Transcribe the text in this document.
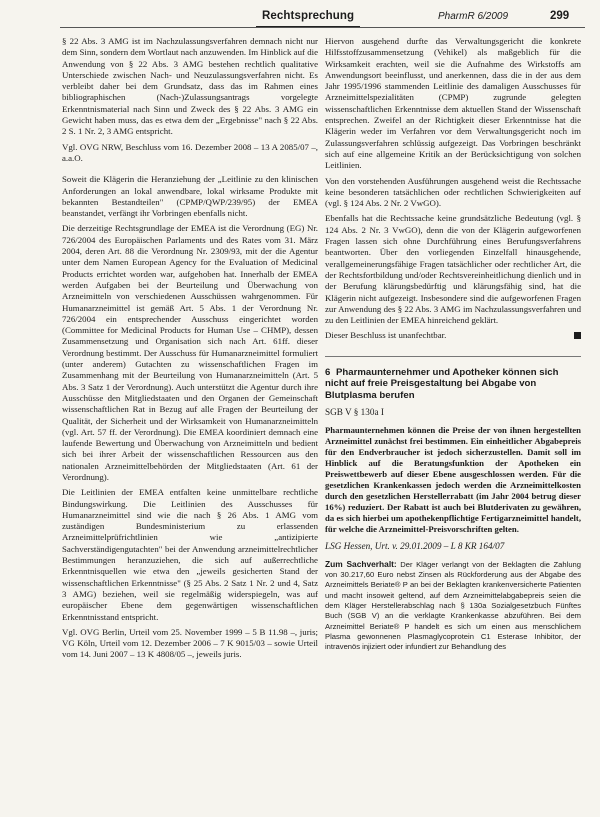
Rechtsprechung	PharmR 6/2009	299

§ 22 Abs. 3 AMG ist im Nachzulassungsverfahren demnach nicht nur dem Sinn, sondern dem Wortlaut nach anzuwenden. Im Hinblick auf die Anwendung von § 22 Abs. 3 AMG bestehen rechtlich qualitative Unterschiede zwischen Nach- und Neuzulassungsverfahren nicht. Es verbleibt daher bei dem Grundsatz, dass das im Rahmen eines bibliographischen (Nach-)Zulassungsantrags vorgelegte Erkenntnismaterial nach Sinn und Zweck des § 22 Abs. 3 AMG ein Gewicht haben muss, das es etwa dem der „Ergebnisse" nach § 22 Abs. 2 S. 1 Nr. 2, 3 AMG entspricht.

Vgl. OVG NRW, Beschluss vom 16. Dezember 2008 – 13 A 2085/07 –, a.a.O.

Soweit die Klägerin die Heranziehung der „Leitlinie zu den klinischen Anforderungen an lokal anwendbare, lokal wirksame Produkte mit bekannten Bestandteilen" (CPMP/QWP/239/95) der EMEA beanstandet, verfängt ihr Vorbringen ebenfalls nicht.

Die derzeitige Rechtsgrundlage der EMEA ist die Verordnung (EG) Nr. 726/2004 des Europäischen Parlaments und des Rates vom 31. März 2004, deren Art. 88 die Verordnung Nr. 2309/93, mit der die Agentur unter dem Namen European Agency for the Evaluation of Medicinal Products errichtet worden war, aufgehoben hat. Innerhalb der EMEA werden Aufgaben bei der Beurteilung und Überwachung von Arzneimitteln von verschiedenen Ausschüssen wahrgenommen. Für Humanarzneimittel ist gemäß Art. 5 Abs. 1 der Verordnung Nr. 726/2004 ein entsprechender Ausschuss eingerichtet worden (Committee for Medicinal Products for Human Use – CHMP), dessen Zusammensetzung und Organisation sich nach Art. 61ff. dieser Verordnung bestimmt. Der Ausschuss für Humanarzneimittel formuliert (unter anderem) Gutachten zu wissenschaftlichen Fragen im Zusammenhang mit der Beurteilung von Humanarzneimitteln (Art. 5 Abs. 3 Satz 1 der Verordnung). Auch unterstützt die Agentur durch ihre Ausschüsse den Mitgliedstaaten und den Organen der Gemeinschaft wissenschaftlichen Rat in Bezug auf alle Fragen der Beurteilung der Qualität, der Sicherheit und der Wirksamkeit von Humanarzneimitteln (vgl. Art. 57 ff. der Verordnung). Die EMEA koordiniert demnach eine laufende Bewertung und Überwachung von Arzneimitteln und bedient sich bei ihrer Arbeit der wissenschaftlichen Ressourcen aus den nationalen Arzneimittelbehörden der Mitgliedstaaten (Art. 61 der Verordnung).

Die Leitlinien der EMEA entfalten keine unmittelbare rechtliche Bindungswirkung. Die Leitlinien des Ausschusses für Humanarzneimittel sind wie die nach § 26 Abs. 1 AMG vom zuständigen Bundesministerium zu erlassenden Arzneimittelprüfrichtlinien wie „antizipierte Sachverständigengutachten" bei der Anwendung arzneimittelrechtlicher Bestimmungen heranzuziehen, die sich auf außerrechtliche Erkenntnisquellen wie etwa den „jeweils gesicherten Stand der wissenschaftlichen Erkenntnisse" (§ 25 Abs. 2 Satz 1 Nr. 2 und 4, Satz 3 AMG) beziehen, weil sie regelmäßig widerspiegeln, was auf europäischer Ebene dem gegenwärtigen wissenschaftlichen Erkenntnisstand entspricht.

Vgl. OVG Berlin, Urteil vom 25. November 1999 – 5 B 11.98 –, juris; VG Köln, Urteil vom 12. Dezember 2006 – 7 K 9015/03 – sowie Urteil vom 14. Juni 2007 – 13 K 4808/05 –, jeweils juris.

Hiervon ausgehend durfte das Verwaltungsgericht die konkrete Hilfsstoffzusammensetzung (Vehikel) als maßgeblich für die Wirksamkeit erachten, weil sie die Aufnahme des Wirkstoffs am Anwendungsort beeinflusst, und anerkennen, dass die in der aus dem Jahr 1995/1996 stammenden Leitlinie des damaligen Ausschusses für Arzneimittelspezialitäten (CPMP) zugrunde gelegten wissenschaftlichen Erkenntnisse dem aktuellen Stand der Wissenschaft entsprechen. Zweifel an der Richtigkeit dieser Erkenntnisse hat die Klägerin weder im Verfahren vor dem Verwaltungsgericht noch im Zulassungsverfahren schlüssig aufgezeigt. Das Vorbringen beschränkt sich auf eine allgemeine Kritik an der Berücksichtigung von solchen Leitlinien.

Von den vorstehenden Ausführungen ausgehend weist die Rechtssache keine besonderen tatsächlichen oder rechtlichen Schwierigkeiten auf (vgl. § 124 Abs. 2 Nr. 2 VwGO).

Ebenfalls hat die Rechtssache keine grundsätzliche Bedeutung (vgl. § 124 Abs. 2 Nr. 3 VwGO), denn die von der Klägerin aufgeworfenen Fragen lassen sich ohne Durchführung eines Berufungsverfahrens beantworten. Über den vorliegenden Einzelfall hinausgehende, verallgemeinerungsfähige Fragen tatsächlicher oder rechtlicher Art, die der Rechtsfortbildung und/oder Rechtsvereinheitlichung dienlich und in der Berufung klärungsbedürftig und klärungsfähig sind, hat die Klägerin nicht aufgezeigt. Insbesondere sind die aufgeworfenen Fragen zur Anwendung des § 22 Abs. 3 AMG im Nachzulassungsverfahren und zu den Leitlinien der EMEA hinreichend geklärt.

Dieser Beschluss ist unanfechtbar.

6 Pharmaunternehmer und Apotheker können sich nicht auf freie Preisgestaltung bei Abgabe von Blutplasma berufen

SGB V § 130a I

Pharmaunternehmen können die Preise der von ihnen hergestellten Arzneimittel zunächst frei bestimmen. Ein einheitlicher Abgabepreis für den Endverbraucher ist jedoch sicherzustellen. Damit soll im Hinblick auf die Beratungsfunktion der Apotheken ein Preiswettbewerb auf dieser Ebene ausgeschlossen werden. Für die gesetzlichen Krankenkassen jedoch werden die Arzneimittelkosten durch den gesetzlichen Herstellerrabatt (im Jahr 2004 betrug dieser 16%) reduziert. Der Rabatt ist auch bei Blutderivaten zu gewähren, da es sich hierbei um apothekenpflichtige Fertigarzneimittel handelt, für welche die Arzneimittel-Preisvorschriften gelten.

LSG Hessen, Urt. v. 29.01.2009 – L 8 KR 164/07

Zum Sachverhalt: Der Kläger verlangt von der Beklagten die Zahlung von 30.217,60 Euro nebst Zinsen als Rückforderung aus der Abgabe des Arzneimittels Beriate® P an bei der Beklagten krankenversicherte Patienten und macht insoweit geltend, auf dem Arzneimittelabgabepreis seien die dem Kläger Herstellerabschlag nach § 130a Sozialgesetzbuch Fünftes Buch (SGB V) an die verklagte Krankenkasse abzuführen. Bei dem Arzneimittel Beriate® P handelt es sich um einen aus menschlichem Plasma gewonnenen Plasmaglycoprotein C1 Esterase Inhibitor, der intravenös injiziert oder infundiert zur Behandlung des
